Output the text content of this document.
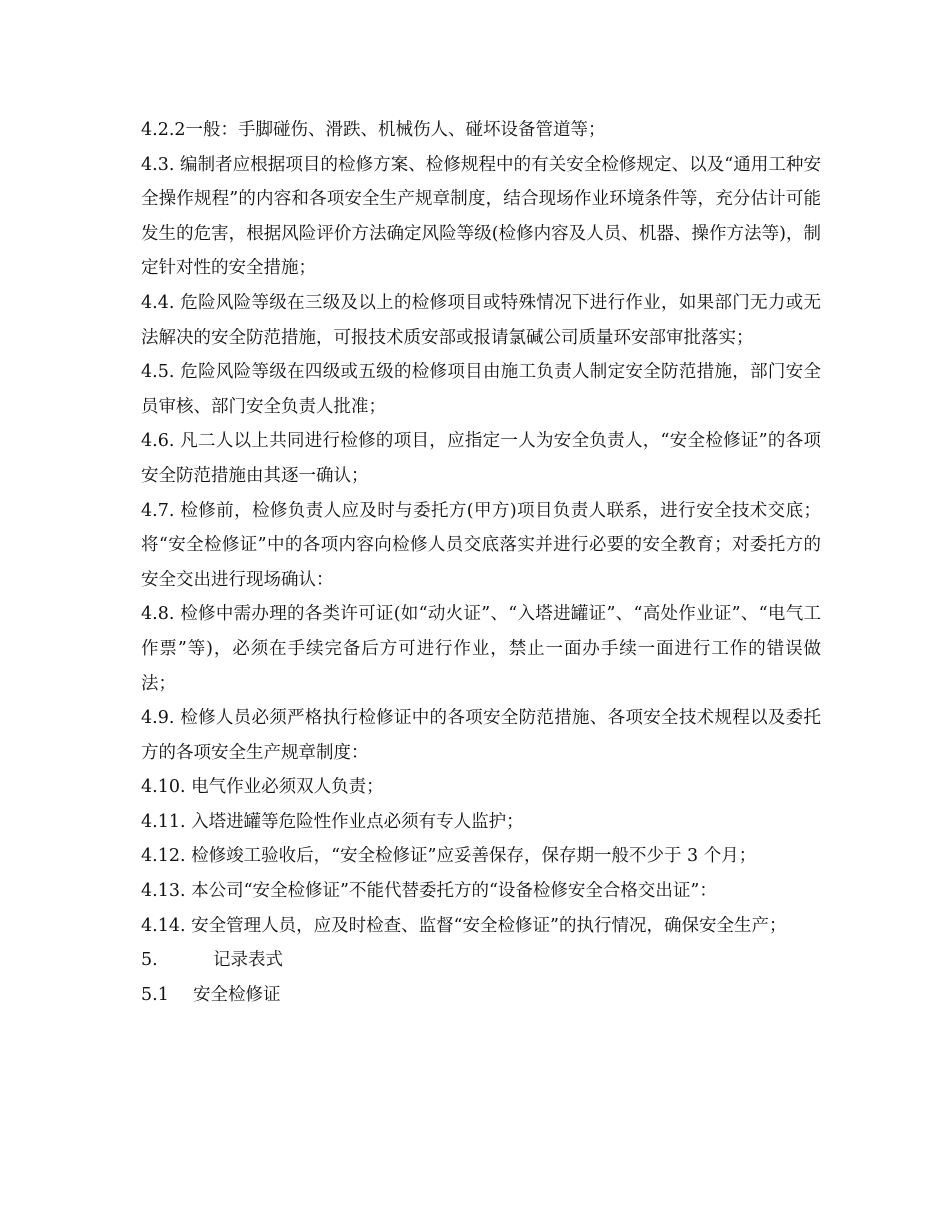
4.2.2一般：手脚碰伤、滑跌、机械伤人、碰坏设备管道等；

4.3. 编制者应根据项目的检修方案、检修规程中的有关安全检修规定、以及“通用工种安全操作规程”的内容和各项安全生产规章制度，结合现场作业环境条件等，充分估计可能发生的危害，根据风险评价方法确定风险等级(检修内容及人员、机器、操作方法等)，制定针对性的安全措施；

4.4. 危险风险等级在三级及以上的检修项目或特殊情况下进行作业，如果部门无力或无法解决的安全防范措施，可报技术质安部或报请氯碱公司质量环安部审批落实；

4.5. 危险风险等级在四级或五级的检修项目由施工负责人制定安全防范措施，部门安全员审核、部门安全负责人批准；

4.6. 凡二人以上共同进行检修的项目，应指定一人为安全负责人，“安全检修证”的各项安全防范措施由其逐一确认；

4.7. 检修前，检修负责人应及时与委托方(甲方)项目负责人联系，进行安全技术交底；将“安全检修证”中的各项内容向检修人员交底落实并进行必要的安全教育；对委托方的安全交出进行现场确认：

4.8. 检修中需办理的各类许可证(如“动火证”、“入塔进罐证”、“高处作业证”、“电气工作票”等)，必须在手续完备后方可进行作业，禁止一面办手续一面进行工作的错误做法；

4.9. 检修人员必须严格执行检修证中的各项安全防范措施、各项安全技术规程以及委托方的各项安全生产规章制度：

4.10. 电气作业必须双人负责；

4.11. 入塔进罐等危险性作业点必须有专人监护；

4.12. 检修竣工验收后，“安全检修证”应妥善保存，保存期一般不少于 3 个月；

4.13. 本公司“安全检修证”不能代替委托方的“设备检修安全合格交出证”：

4.14. 安全管理人员，应及时检查、监督“安全检修证”的执行情况，确保安全生产；

5.	记录表式

5.1 安全检修证
